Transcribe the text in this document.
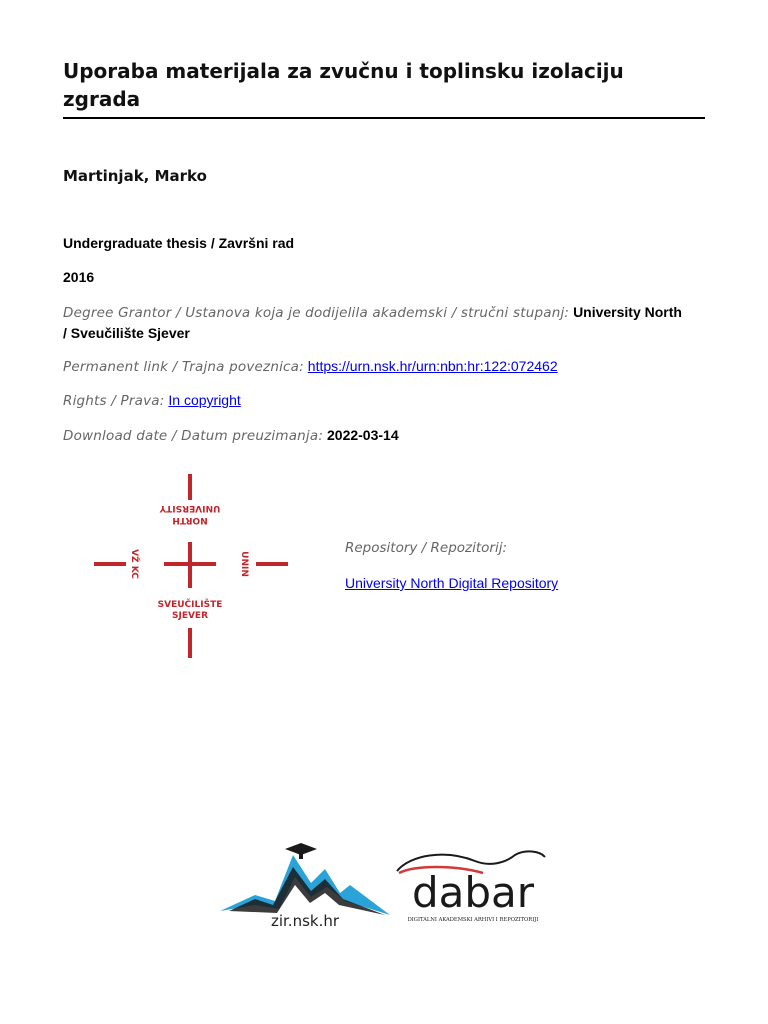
Uporaba materijala za zvučnu i toplinsku izolaciju zgrada
Martinjak, Marko
Undergraduate thesis / Završni rad
2016
Degree Grantor / Ustanova koja je dodijelila akademski / stručni stupanj: University North / Sveučilište Sjever
Permanent link / Trajna poveznica: https://urn.nsk.hr/urn:nbn:hr:122:072462
Rights / Prava: In copyright
Download date / Datum preuzimanja: 2022-03-14
NORTH
UNIVERSITY
SVEUČILIŠTE
SJEVER
VŽ KC	UNIN
Repository / Repozitorij:
University North Digital Repository
zir.nsk.hr
dabar
DIGITALNI AKADEMSKI ARHIVI I REPOZITORIJI
